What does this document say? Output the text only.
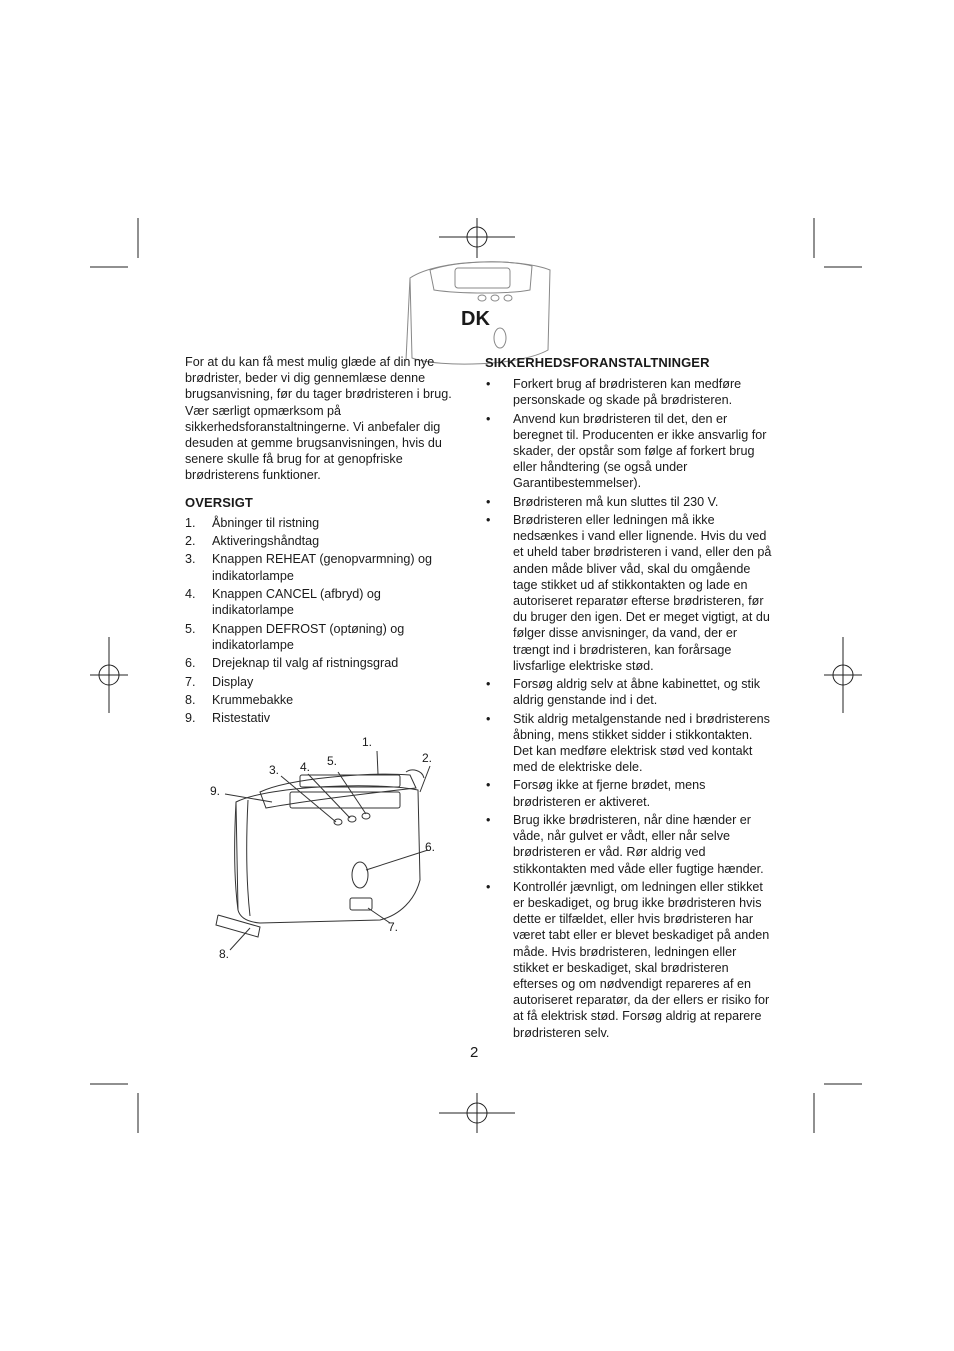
DK

For at du kan få mest mulig glæde af din nye brødrister, beder vi dig gennemlæse denne brugsanvisning, før du tager brødristeren i brug. Vær særligt opmærksom på sikkerhedsforanstaltningerne. Vi anbefaler dig desuden at gemme brugsanvisningen, hvis du senere skulle få brug for at genopfriske brødristerens funktioner.

OVERSIGT
1.	Åbninger til ristning
2.	Aktiveringshåndtag
3.	Knappen REHEAT (genopvarmning) og indikatorlampe
4.	Knappen CANCEL (afbryd) og indikatorlampe
5.	Knappen DEFROST (optøning) og indikatorlampe
6.	Drejeknap til valg af ristningsgrad
7.	Display
8.	Krummebakke
9.	Ristestativ
1.
2.
3. 4. 5.
6.
7.
8.
9.
SIKKERHEDSFORANSTALTNINGER
•	Forkert brug af brødristeren kan medføre personskade og skade på brødristeren.
•	Anvend kun brødristeren til det, den er beregnet til. Producenten er ikke ansvarlig for skader, der opstår som følge af forkert brug eller håndtering (se også under Garantibestemmelser).
•	Brødristeren må kun sluttes til 230 V.
•	Brødristeren eller ledningen må ikke nedsænkes i vand eller lignende. Hvis du ved et uheld taber brødristeren i vand, eller den på anden måde bliver våd, skal du omgående tage stikket ud af stikkontakten og lade en autoriseret reparatør efterse brødristeren, før du bruger den igen. Det er meget vigtigt, at du følger disse anvisninger, da vand, der er trængt ind i brødristeren, kan forårsage livsfarlige elektriske stød.
•	Forsøg aldrig selv at åbne kabinettet, og stik aldrig genstande ind i det.
•	Stik aldrig metalgenstande ned i brødristerens åbning, mens stikket sidder i stikkontakten. Det kan medføre elektrisk stød ved kontakt med de elektriske dele.
•	Forsøg ikke at fjerne brødet, mens brødristeren er aktiveret.
•	Brug ikke brødristeren, når dine hænder er våde, når gulvet er vådt, eller når selve brødristeren er våd. Rør aldrig ved stikkontakten med våde eller fugtige hænder.
•	Kontrollér jævnligt, om ledningen eller stikket er beskadiget, og brug ikke brødristeren hvis dette er tilfældet, eller hvis brødristeren har været tabt eller er blevet beskadiget på anden måde. Hvis brødristeren, ledningen eller stikket er beskadiget, skal brødristeren efterses og om nødvendigt repareres af en autoriseret reparatør, da der ellers er risiko for at få elektrisk stød. Forsøg aldrig at reparere brødristeren selv.
2
